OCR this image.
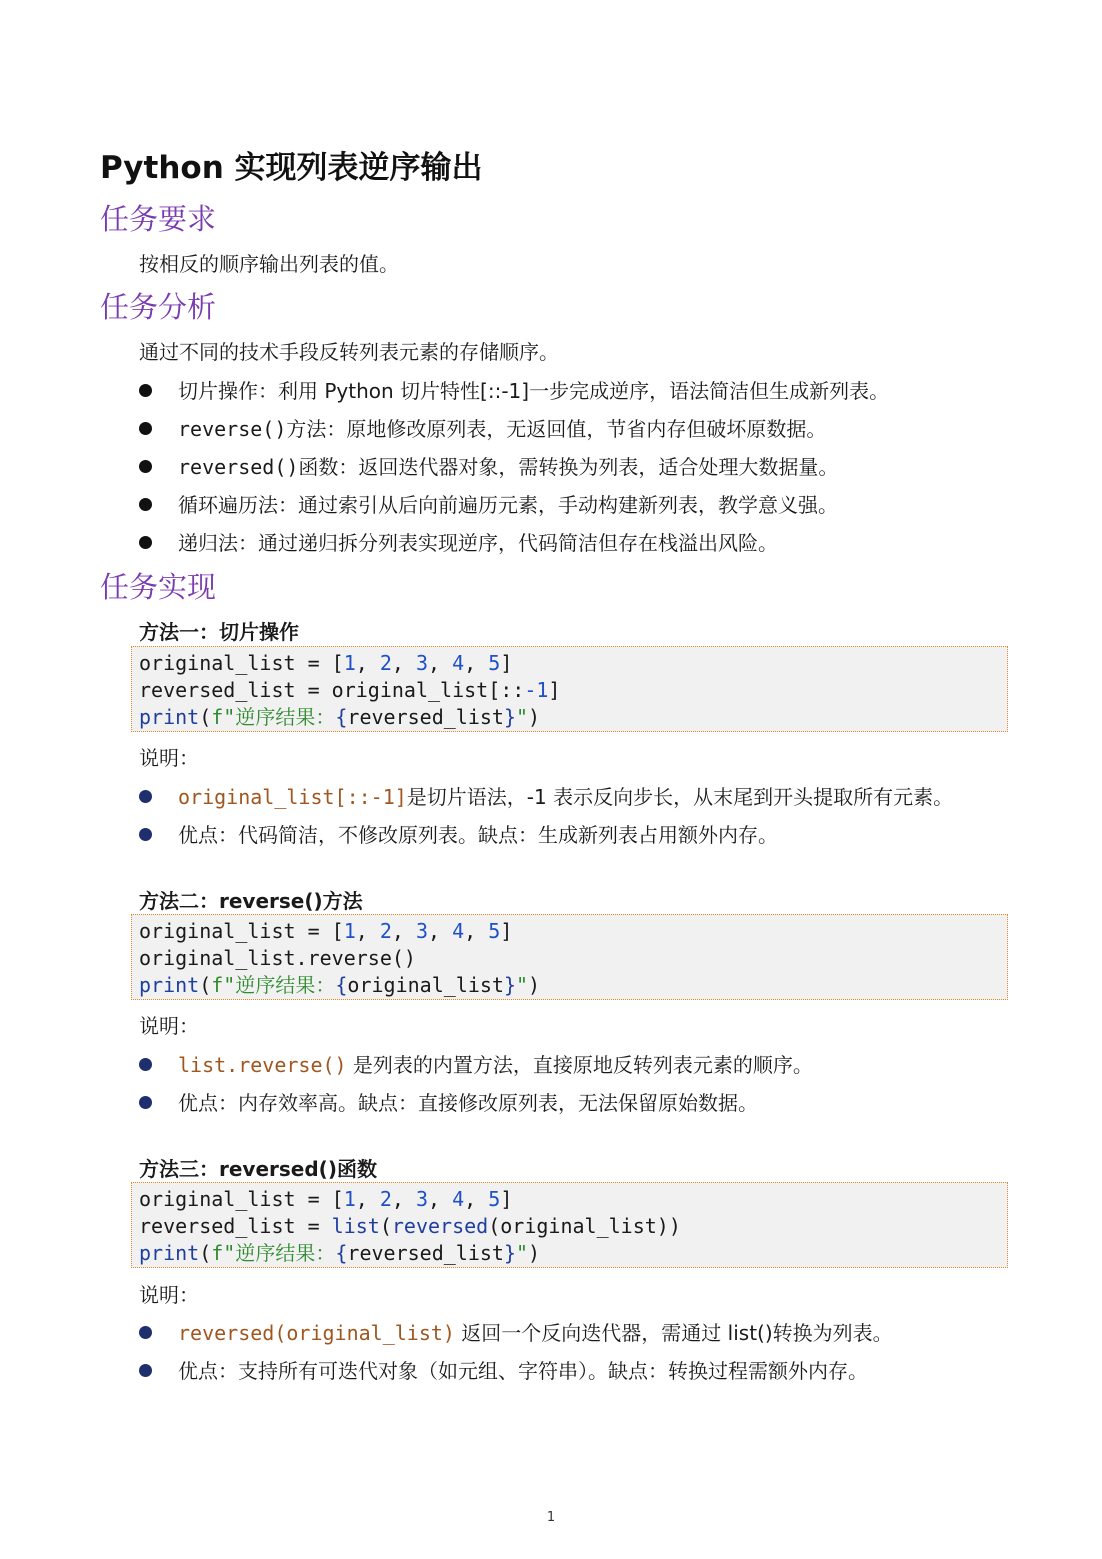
Python 实现列表逆序输出
任务要求
按相反的顺序输出列表的值。
任务分析
通过不同的技术手段反转列表元素的存储顺序。
切片操作：利用 Python 切片特性[::-1]一步完成逆序，语法简洁但生成新列表。
reverse()方法：原地修改原列表，无返回值，节省内存但破坏原数据。
reversed()函数：返回迭代器对象，需转换为列表，适合处理大数据量。
循环遍历法：通过索引从后向前遍历元素，手动构建新列表，教学意义强。
递归法：通过递归拆分列表实现逆序，代码简洁但存在栈溢出风险。
任务实现
方法一：切片操作
original_list = [1, 2, 3, 4, 5]
reversed_list = original_list[::-1]
print(f"逆序结果：{reversed_list}")
说明：
original_list[::-1]是切片语法，-1 表示反向步长，从末尾到开头提取所有元素。
优点：代码简洁，不修改原列表。缺点：生成新列表占用额外内存。
方法二：reverse()方法
original_list = [1, 2, 3, 4, 5]
original_list.reverse()
print(f"逆序结果：{original_list}")
说明：
list.reverse() 是列表的内置方法，直接原地反转列表元素的顺序。
优点：内存效率高。缺点：直接修改原列表，无法保留原始数据。
方法三：reversed()函数
original_list = [1, 2, 3, 4, 5]
reversed_list = list(reversed(original_list))
print(f"逆序结果：{reversed_list}")
说明：
reversed(original_list) 返回一个反向迭代器，需通过 list()转换为列表。
优点：支持所有可迭代对象（如元组、字符串）。缺点：转换过程需额外内存。
1
